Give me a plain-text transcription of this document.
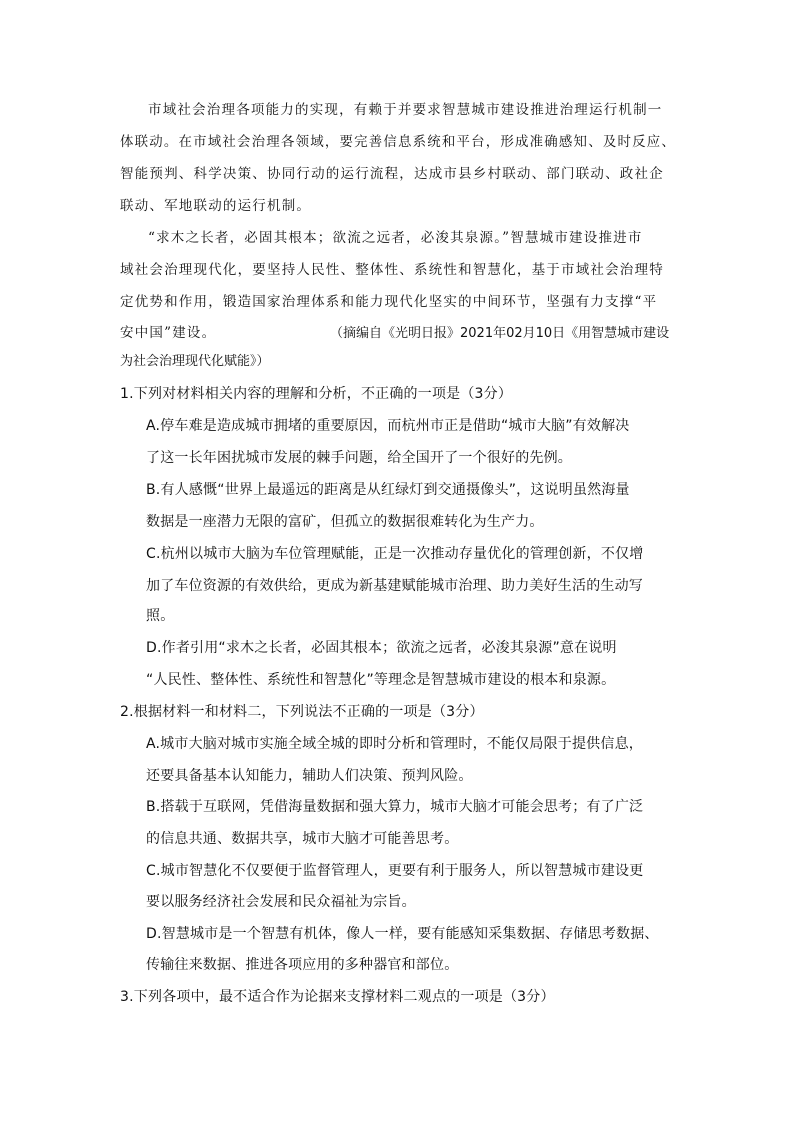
市域社会治理各项能力的实现，有赖于并要求智慧城市建设推进治理运行机制一
体联动。在市域社会治理各领域，要完善信息系统和平台，形成准确感知、及时反应、
智能预判、科学决策、协同行动的运行流程，达成市县乡村联动、部门联动、政社企
联动、军地联动的运行机制。
“求木之长者，必固其根本；欲流之远者，必浚其泉源。”智慧城市建设推进市
域社会治理现代化，要坚持人民性、整体性、系统性和智慧化，基于市域社会治理特
定优势和作用，锻造国家治理体系和能力现代化坚实的中间环节，坚强有力支撑“平
安中国”建设。	（摘编自《光明日报》2021年02月10日《用智慧城市建设
为社会治理现代化赋能》）
1.下列对材料相关内容的理解和分析，不正确的一项是（3分）
A.停车难是造成城市拥堵的重要原因，而杭州市正是借助“城市大脑”有效解决
了这一长年困扰城市发展的棘手问题，给全国开了一个很好的先例。
B.有人感慨“世界上最遥远的距离是从红绿灯到交通摄像头”，这说明虽然海量
数据是一座潜力无限的富矿，但孤立的数据很难转化为生产力。
C.杭州以城市大脑为车位管理赋能，正是一次推动存量优化的管理创新，不仅增
加了车位资源的有效供给，更成为新基建赋能城市治理、助力美好生活的生动写
照。
D.作者引用“求木之长者，必固其根本；欲流之远者，必浚其泉源”意在说明
“人民性、整体性、系统性和智慧化”等理念是智慧城市建设的根本和泉源。
2.根据材料一和材料二，下列说法不正确的一项是（3分）
A.城市大脑对城市实施全域全城的即时分析和管理时，不能仅局限于提供信息，
还要具备基本认知能力，辅助人们决策、预判风险。
B.搭载于互联网，凭借海量数据和强大算力，城市大脑才可能会思考；有了广泛
的信息共通、数据共享，城市大脑才可能善思考。
C.城市智慧化不仅要便于监督管理人，更要有利于服务人，所以智慧城市建设更
要以服务经济社会发展和民众福祉为宗旨。
D.智慧城市是一个智慧有机体，像人一样，要有能感知采集数据、存储思考数据、
传输往来数据、推进各项应用的多种器官和部位。
3.下列各项中，最不适合作为论据来支撑材料二观点的一项是（3分）
